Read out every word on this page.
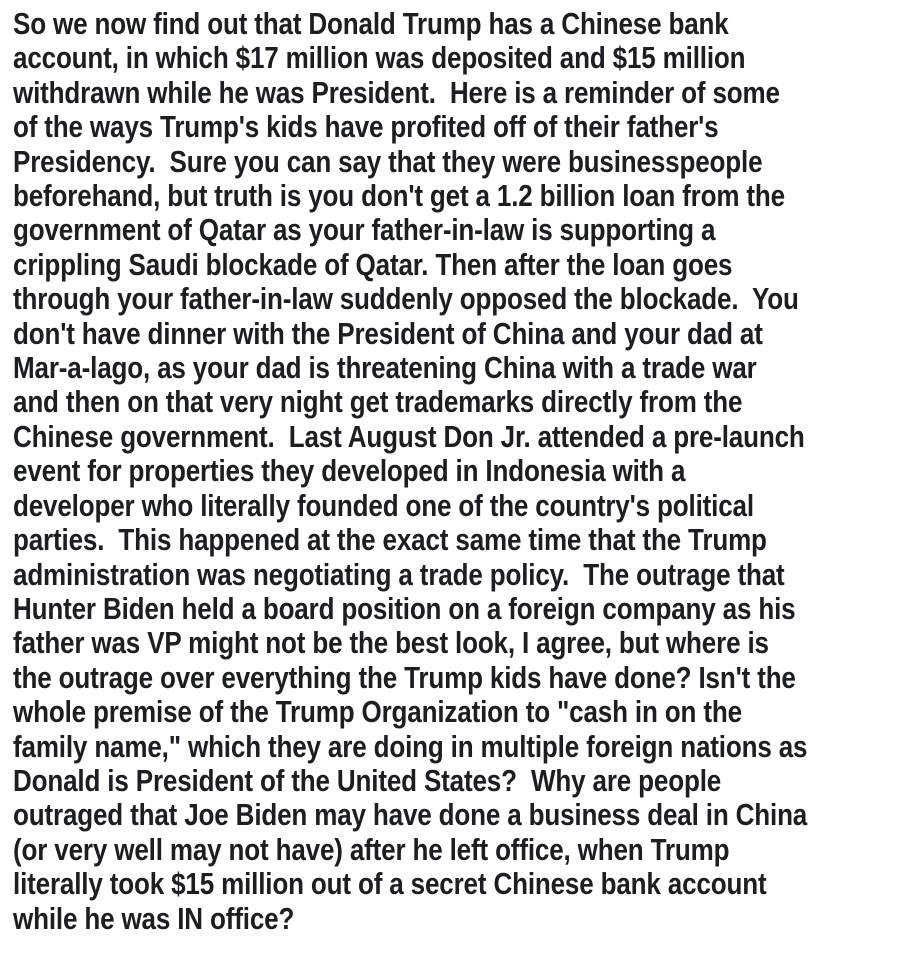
So we now find out that Donald Trump has a Chinese bank
account, in which $17 million was deposited and $15 million
withdrawn while he was President.  Here is a reminder of some
of the ways Trump's kids have profited off of their father's
Presidency.  Sure you can say that they were businesspeople
beforehand, but truth is you don't get a 1.2 billion loan from the
government of Qatar as your father-in-law is supporting a
crippling Saudi blockade of Qatar. Then after the loan goes
through your father-in-law suddenly opposed the blockade.  You
don't have dinner with the President of China and your dad at
Mar-a-lago, as your dad is threatening China with a trade war
and then on that very night get trademarks directly from the
Chinese government.  Last August Don Jr. attended a pre-launch
event for properties they developed in Indonesia with a
developer who literally founded one of the country's political
parties.  This happened at the exact same time that the Trump
administration was negotiating a trade policy.  The outrage that
Hunter Biden held a board position on a foreign company as his
father was VP might not be the best look, I agree, but where is
the outrage over everything the Trump kids have done? Isn't the
whole premise of the Trump Organization to "cash in on the
family name," which they are doing in multiple foreign nations as
Donald is President of the United States?  Why are people
outraged that Joe Biden may have done a business deal in China
(or very well may not have) after he left office, when Trump
literally took $15 million out of a secret Chinese bank account
while he was IN office?
